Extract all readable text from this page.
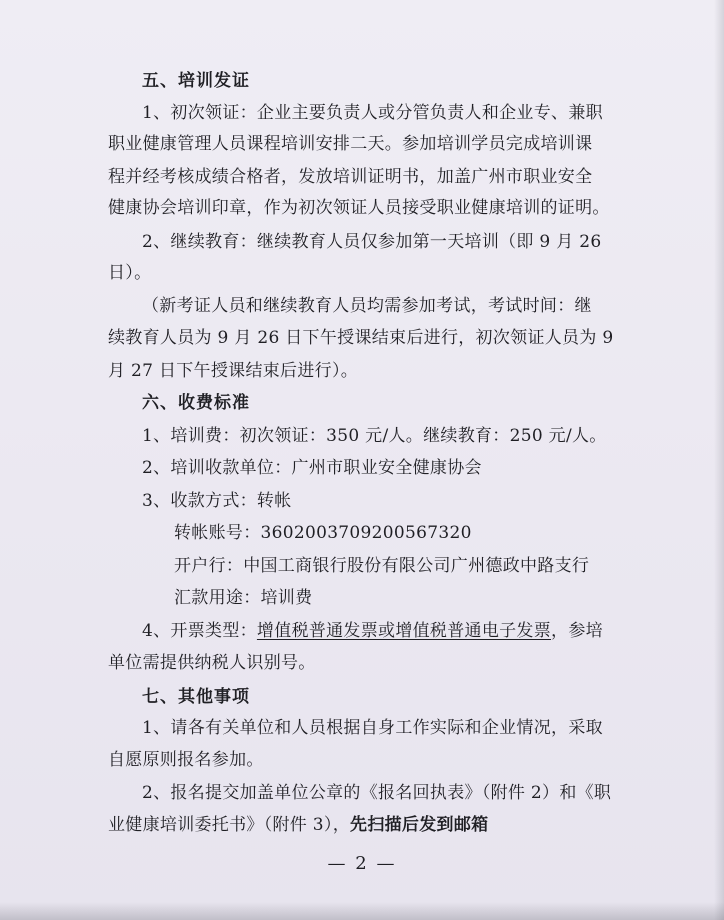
五、培训发证
1、初次领证：企业主要负责人或分管负责人和企业专、兼职
职业健康管理人员课程培训安排二天。参加培训学员完成培训课
程并经考核成绩合格者，发放培训证明书，加盖广州市职业安全
健康协会培训印章，作为初次领证人员接受职业健康培训的证明。
2、继续教育：继续教育人员仅参加第一天培训（即 9 月 26
日）。
（新考证人员和继续教育人员均需参加考试，考试时间：继
续教育人员为 9 月 26 日下午授课结束后进行，初次领证人员为 9
月 27 日下午授课结束后进行）。
六、收费标准
1、培训费：初次领证：350 元/人。继续教育：250 元/人。
2、培训收款单位：广州市职业安全健康协会
3、收款方式：转帐
转帐账号：3602003709200567320
开户行：中国工商银行股份有限公司广州德政中路支行
汇款用途：培训费
4、开票类型：增值税普通发票或增值税普通电子发票，参培
单位需提供纳税人识别号。
七、其他事项
1、请各有关单位和人员根据自身工作实际和企业情况，采取
自愿原则报名参加。
2、报名提交加盖单位公章的《报名回执表》（附件 2）和《职
业健康培训委托书》（附件 3），先扫描后发到邮箱
— 2 —
